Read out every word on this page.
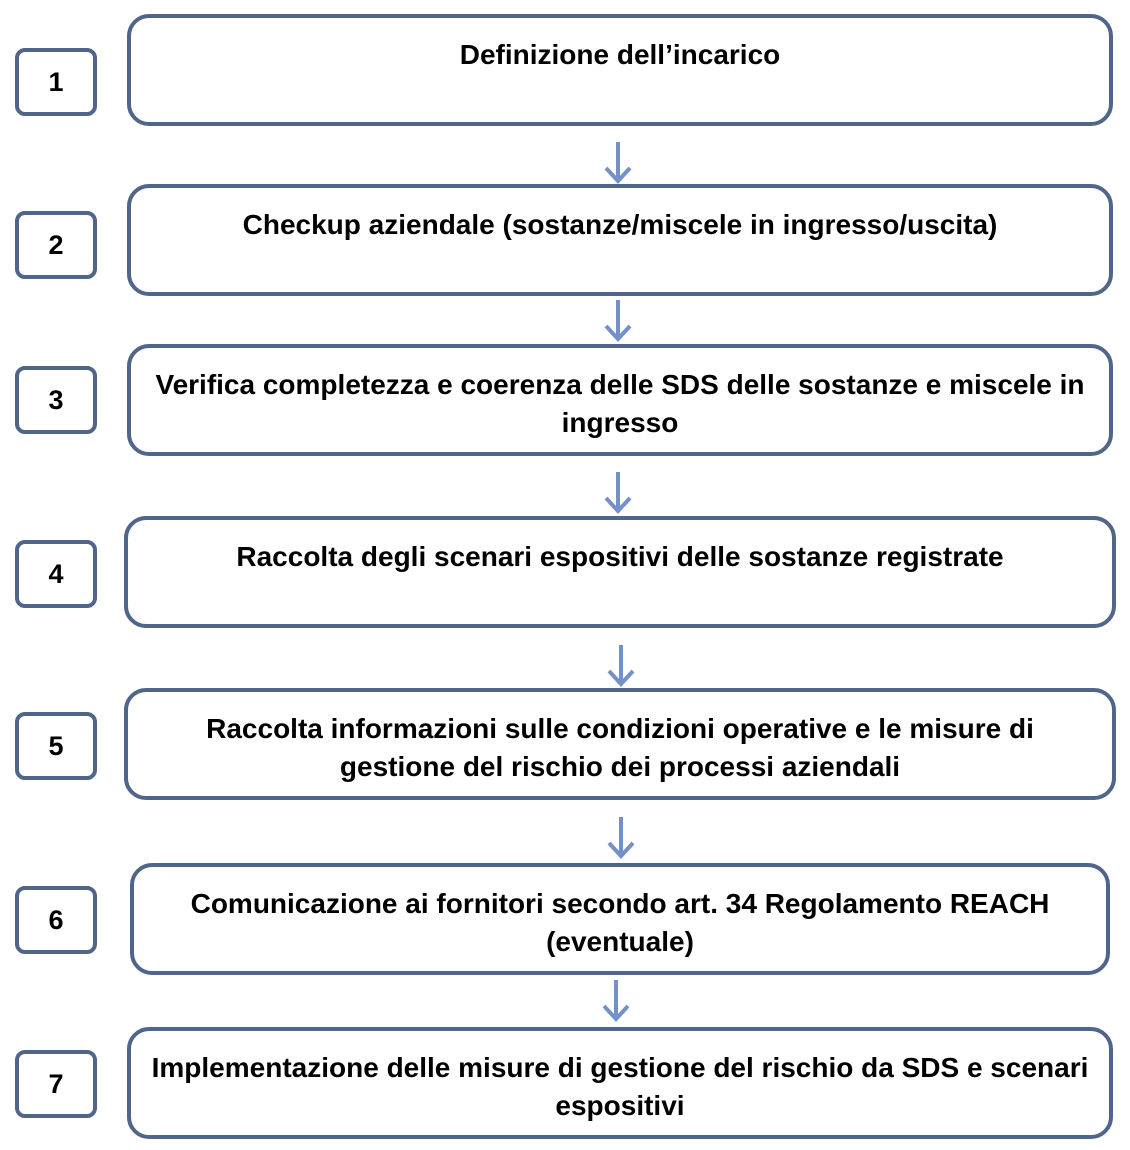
1
Definizione dell’incarico
2
Checkup aziendale (sostanze/miscele in ingresso/uscita)
3	Verifica completezza e coerenza delle SDS delle sostanze e miscele in ingresso
4
Raccolta degli scenari espositivi delle sostanze registrate
5
Raccolta informazioni sulle condizioni operative e le misure di gestione del rischio dei processi aziendali
6
Comunicazione ai fornitori secondo art. 34 Regolamento REACH (eventuale)
7
Implementazione delle misure di gestione del rischio da SDS e scenari espositivi
